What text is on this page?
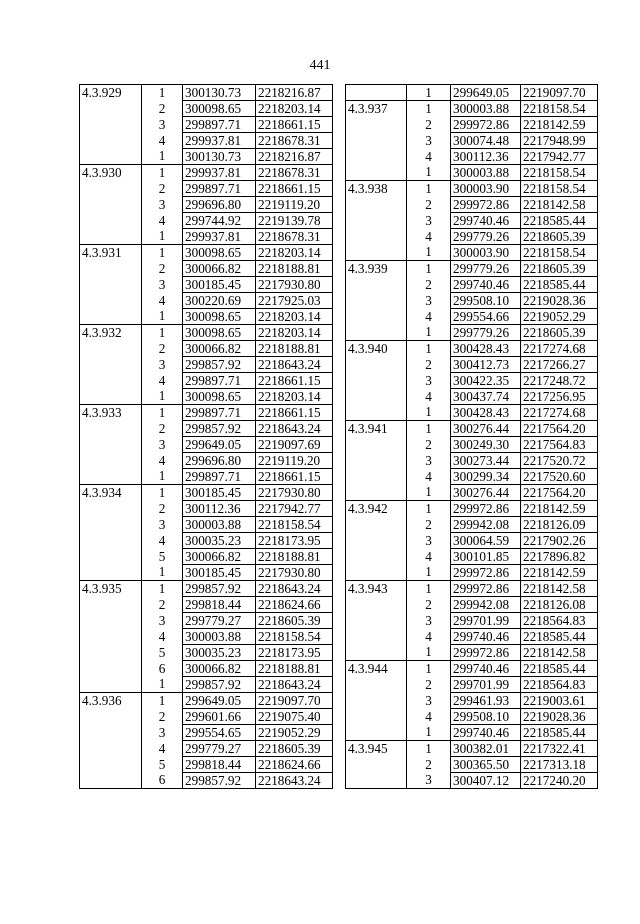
441
4.3.929	1	300130.73	2218216.87
	2	300098.65	2218203.14
	3	299897.71	2218661.15
	4	299937.81	2218678.31
	1	300130.73	2218216.87
4.3.930	1	299937.81	2218678.31
	2	299897.71	2218661.15
	3	299696.80	2219119.20
	4	299744.92	2219139.78
	1	299937.81	2218678.31
4.3.931	1	300098.65	2218203.14
	2	300066.82	2218188.81
	3	300185.45	2217930.80
	4	300220.69	2217925.03
	1	300098.65	2218203.14
4.3.932	1	300098.65	2218203.14
	2	300066.82	2218188.81
	3	299857.92	2218643.24
	4	299897.71	2218661.15
	1	300098.65	2218203.14
4.3.933	1	299897.71	2218661.15
	2	299857.92	2218643.24
	3	299649.05	2219097.69
	4	299696.80	2219119.20
	1	299897.71	2218661.15
4.3.934	1	300185.45	2217930.80
	2	300112.36	2217942.77
	3	300003.88	2218158.54
	4	300035.23	2218173.95
	5	300066.82	2218188.81
	1	300185.45	2217930.80
4.3.935	1	299857.92	2218643.24
	2	299818.44	2218624.66
	3	299779.27	2218605.39
	4	300003.88	2218158.54
	5	300035.23	2218173.95
	6	300066.82	2218188.81
	1	299857.92	2218643.24
4.3.936	1	299649.05	2219097.70
	2	299601.66	2219075.40
	3	299554.65	2219052.29
	4	299779.27	2218605.39
	5	299818.44	2218624.66
	6	299857.92	2218643.24
	1	299649.05	2219097.70
4.3.937	1	300003.88	2218158.54
	2	299972.86	2218142.59
	3	300074.48	2217948.99
	4	300112.36	2217942.77
	1	300003.88	2218158.54
4.3.938	1	300003.90	2218158.54
	2	299972.86	2218142.58
	3	299740.46	2218585.44
	4	299779.26	2218605.39
	1	300003.90	2218158.54
4.3.939	1	299779.26	2218605.39
	2	299740.46	2218585.44
	3	299508.10	2219028.36
	4	299554.66	2219052.29
	1	299779.26	2218605.39
4.3.940	1	300428.43	2217274.68
	2	300412.73	2217266.27
	3	300422.35	2217248.72
	4	300437.74	2217256.95
	1	300428.43	2217274.68
4.3.941	1	300276.44	2217564.20
	2	300249.30	2217564.83
	3	300273.44	2217520.72
	4	300299.34	2217520.60
	1	300276.44	2217564.20
4.3.942	1	299972.86	2218142.59
	2	299942.08	2218126.09
	3	300064.59	2217902.26
	4	300101.85	2217896.82
	1	299972.86	2218142.59
4.3.943	1	299972.86	2218142.58
	2	299942.08	2218126.08
	3	299701.99	2218564.83
	4	299740.46	2218585.44
	1	299972.86	2218142.58
4.3.944	1	299740.46	2218585.44
	2	299701.99	2218564.83
	3	299461.93	2219003.61
	4	299508.10	2219028.36
	1	299740.46	2218585.44
4.3.945	1	300382.01	2217322.41
	2	300365.50	2217313.18
	3	300407.12	2217240.20
